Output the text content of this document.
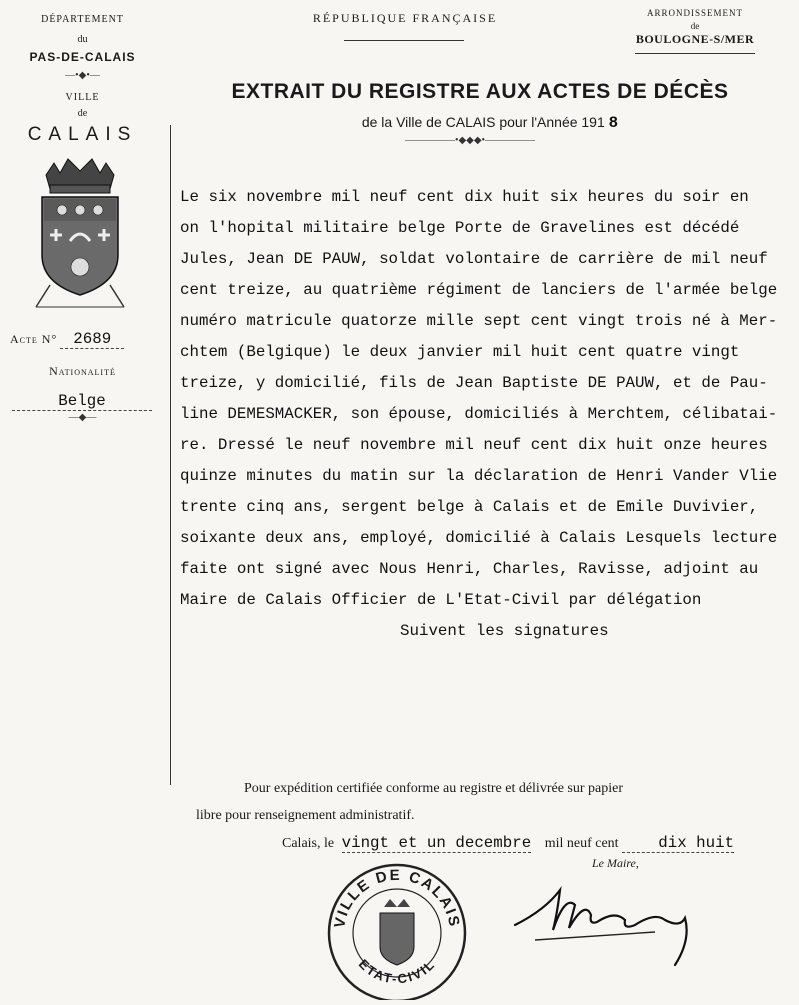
DÉPARTEMENT
du
PAS-DE-CALAIS
—•◆•—
VILLE
de
CALAIS
Acte N° 2689
Nationalité
Belge
—◆—
RÉPUBLIQUE FRANÇAISE	ARRONDISSEMENT
de
BOULOGNE-S/MER
EXTRAIT DU REGISTRE AUX ACTES DE DÉCÈS
de la Ville de CALAIS pour l'Année 191 8
—————•◆◆◆•—————
Le six novembre mil neuf cent dix huit six heures du soir en
on l'hopital militaire belge Porte de Gravelines est décédé
Jules, Jean DE PAUW, soldat volontaire de carrière de mil neuf
cent treize, au quatrième régiment de lanciers de l'armée belge
numéro matricule quatorze mille sept cent vingt trois né à Mer-
chtem (Belgique) le deux janvier mil huit cent quatre vingt
treize, y domicilié, fils de Jean Baptiste DE PAUW, et de Pau-
line DEMESMACKER, son épouse, domiciliés à Merchtem, célibatai-
re. Dressé le neuf novembre mil neuf cent dix huit onze heures
quinze minutes du matin sur la déclaration de Henri Vander Vlie
trente cinq ans, sergent belge à Calais et de Emile Duvivier,
soixante deux ans, employé, domicilié à Calais Lesquels lecture
faite ont signé avec Nous Henri, Charles, Ravisse, adjoint au
Maire de Calais Officier de L'Etat-Civil par délégation
Suivent les signatures
Pour expédition certifiée conforme au registre et délivrée sur papier
libre pour renseignement administratif.
Calais, le vingt et un decembre mil neuf cent	dix huit
Le Maire,
VILLE DE CALAIS
ETAT-CIVIL
